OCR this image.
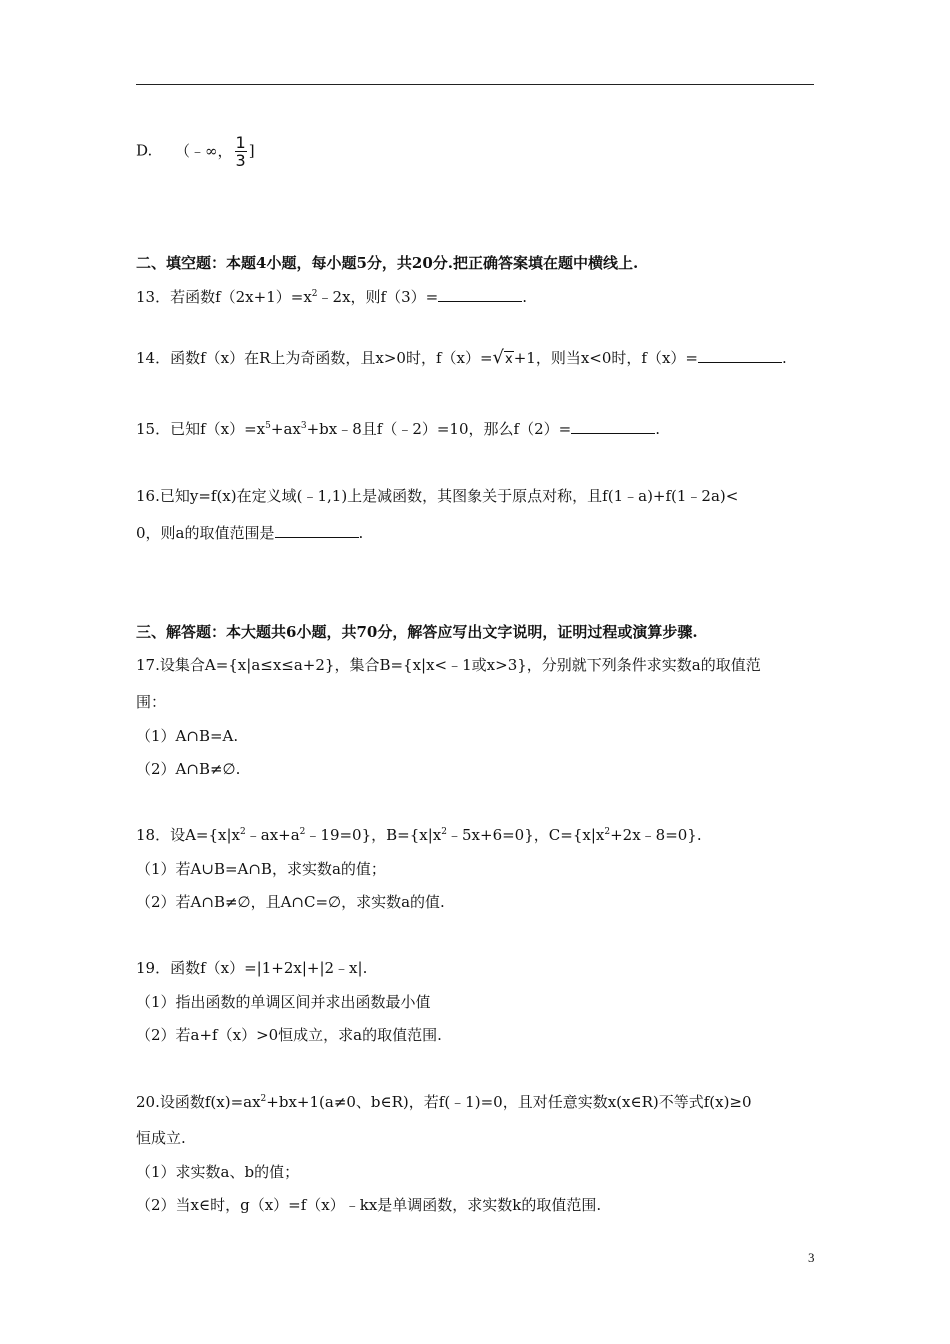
D. （﹣∞， $\frac{1}{3}$ ]
二、填空题：本题4小题，每小题5分，共20分.把正确答案填在题中横线上.
13．若函数$f(2x+1)=x^2﹣2x$，则f（3）=	.
14．函数f（x）在R上为奇函数，且x>0时，f（x）=√x+1，则当x<0时，f（x）=	.
15．已知$f(x)=x^5+ax^3+bx﹣8$且f（﹣2）=10，那么f（2）=	.
16.已知y=f(x)在定义域(﹣1,1)上是减函数，其图象关于原点对称，且f(1﹣a)+f(1﹣2a)<
0，则a的取值范围是	.
三、解答题：本大题共6小题，共70分，解答应写出文字说明，证明过程或演算步骤.
17.设集合A={x|a≤x≤a+2}，集合B={x|x<﹣1或x>3}，分别就下列条件求实数a的取值范
围：
（1）A∩B=A.
（2）A∩B≠∅.
18．设$A=\{x|x^2﹣ax+a^2﹣19=0\}$，$B=\{x|x^2﹣5x+6=0\}$，$C=\{x|x^2+2x﹣8=0\}$.
（1）若A∪B=A∩B，求实数a的值；
（2）若A∩B≠∅，且A∩C=∅，求实数a的值.
19．函数f（x）=|1+2x|+|2﹣x|.
（1）指出函数的单调区间并求出函数最小值
（2）若a+f（x）>0恒成立，求a的取值范围.
20.设函数$f(x)=ax^2+bx+1(a\ne 0$、b∈R)，若f(﹣1)=0，且对任意实数x(x∈R)不等式f(x)≥0
恒成立.
（1）求实数a、b的值；
（2）当x∈时，g（x）=f（x）﹣kx是单调函数，求实数k的取值范围.
3
